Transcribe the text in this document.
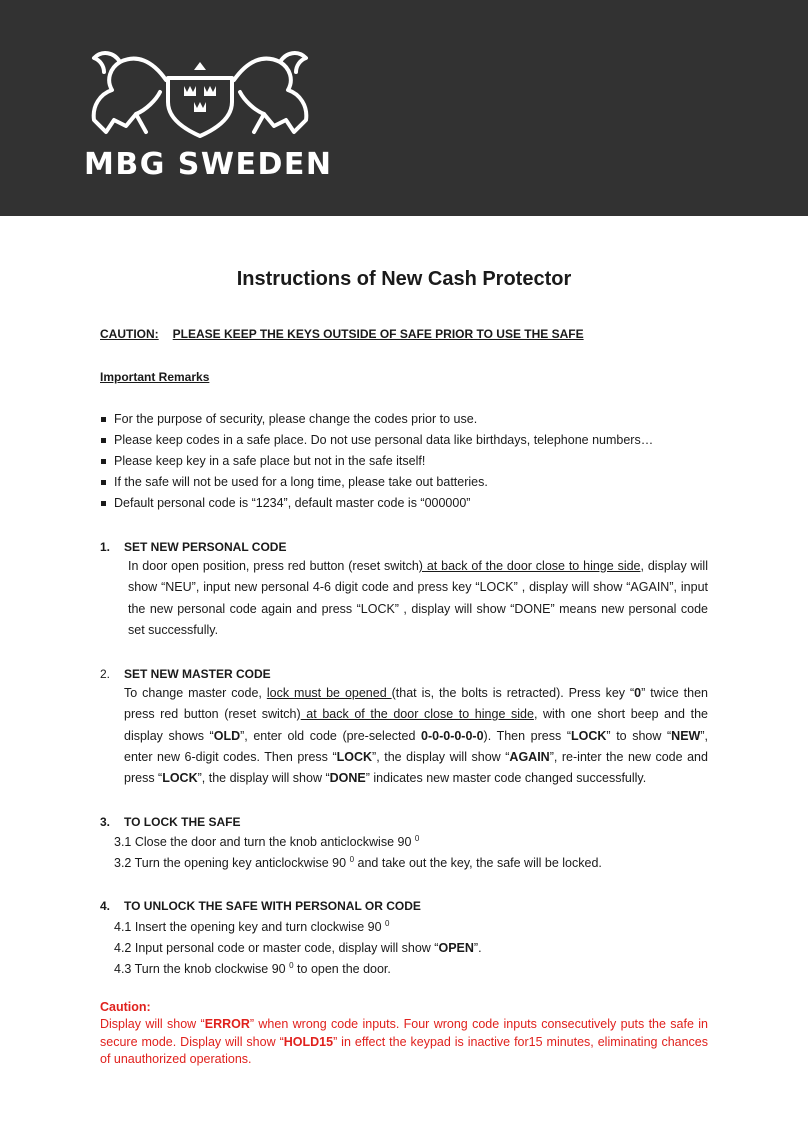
MBG SWEDEN
Instructions of New Cash Protector
CAUTION: PLEASE KEEP THE KEYS OUTSIDE OF SAFE PRIOR TO USE THE SAFE
Important Remarks
For the purpose of security, please change the codes prior to use.
Please keep codes in a safe place. Do not use personal data like birthdays, telephone numbers…
Please keep key in a safe place but not in the safe itself!
If the safe will not be used for a long time, please take out batteries.
Default personal code is “1234”, default master code is “000000”
1. SET NEW PERSONAL CODE
In door open position, press red button (reset switch) at back of the door close to hinge side, display will show “NEU”, input new personal 4-6 digit code and press key “LOCK” , display will show “AGAIN”, input the new personal code again and press “LOCK” , display will show “DONE” means new personal code set successfully.
2. SET NEW MASTER CODE
To change master code, lock must be opened (that is, the bolts is retracted). Press key “0” twice then press red button (reset switch) at back of the door close to hinge side, with one short beep and the display shows “OLD”, enter old code (pre-selected 0-0-0-0-0-0). Then press “LOCK” to show “NEW”, enter new 6-digit codes. Then press “LOCK”, the display will show “AGAIN”, re-inter the new code and press “LOCK”, the display will show “DONE” indicates new master code changed successfully.
3. TO LOCK THE SAFE
3.1 Close the door and turn the knob anticlockwise 90 $^0$
3.2 Turn the opening key anticlockwise 90 $^0$ and take out the key, the safe will be locked.
4. TO UNLOCK THE SAFE WITH PERSONAL OR CODE
4.1 Insert the opening key and turn clockwise 90 $^0$
4.2 Input personal code or master code, display will show “OPEN”.
4.3 Turn the knob clockwise 90 $^0$ to open the door.
Caution:
Display will show “ERROR” when wrong code inputs. Four wrong code inputs consecutively puts the safe in secure mode. Display will show “HOLD15” in effect the keypad is inactive for15 minutes, eliminating chances of unauthorized operations.
